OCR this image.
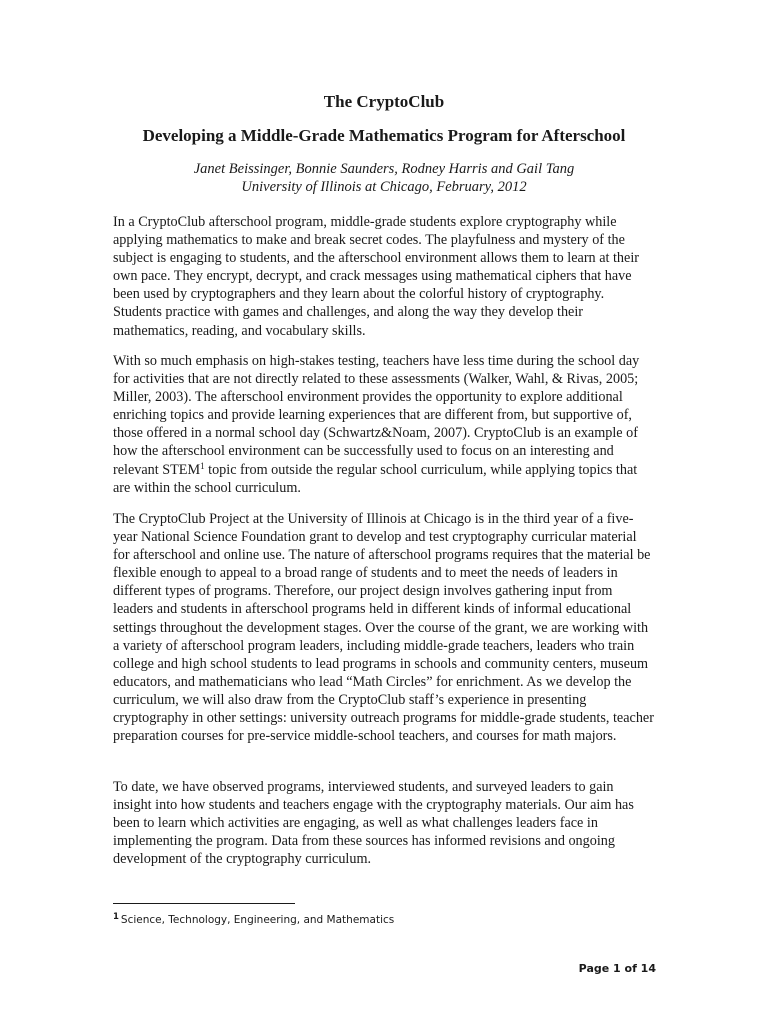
The CryptoClub
Developing a Middle-Grade Mathematics Program for Afterschool

Janet Beissinger, Bonnie Saunders, Rodney Harris and Gail Tang

University of Illinois at Chicago, February, 2012

In a CryptoClub afterschool program, middle-grade students explore cryptography while applying mathematics to make and break secret codes. The playfulness and mystery of the subject is engaging to students, and the afterschool environment allows them to learn at their own pace. They encrypt, decrypt, and crack messages using mathematical ciphers that have been used by cryptographers and they learn about the colorful history of cryptography. Students practice with games and challenges, and along the way they develop their mathematics, reading, and vocabulary skills.

With so much emphasis on high-stakes testing, teachers have less time during the school day for activities that are not directly related to these assessments (Walker, Wahl, & Rivas, 2005; Miller, 2003). The afterschool environment provides the opportunity to explore additional enriching topics and provide learning experiences that are different from, but supportive of, those offered in a normal school day (Schwartz&Noam, 2007). CryptoClub is an example of how the afterschool environment can be successfully used to focus on an interesting and relevant STEM$^1$ topic from outside the regular school curriculum, while applying topics that are within the school curriculum.

The CryptoClub Project at the University of Illinois at Chicago is in the third year of a five-year National Science Foundation grant to develop and test cryptography curricular material for afterschool and online use. The nature of afterschool programs requires that the material be flexible enough to appeal to a broad range of students and to meet the needs of leaders in different types of programs. Therefore, our project design involves gathering input from leaders and students in afterschool programs held in different kinds of informal educational settings throughout the development stages. Over the course of the grant, we are working with a variety of afterschool program leaders, including middle-grade teachers, leaders who train college and high school students to lead programs in schools and community centers, museum educators, and mathematicians who lead “Math Circles” for enrichment. As we develop the curriculum, we will also draw from the CryptoClub staff’s experience in presenting cryptography in other settings: university outreach programs for middle-grade students, teacher preparation courses for pre-service middle-school teachers, and courses for math majors.

To date, we have observed programs, interviewed students, and surveyed leaders to gain insight into how students and teachers engage with the cryptography materials. Our aim has been to learn which activities are engaging, as well as what challenges leaders face in implementing the program. Data from these sources has informed revisions and ongoing development of the cryptography curriculum.

$^1$ Science, Technology, Engineering, and Mathematics

Page 1 of 14
